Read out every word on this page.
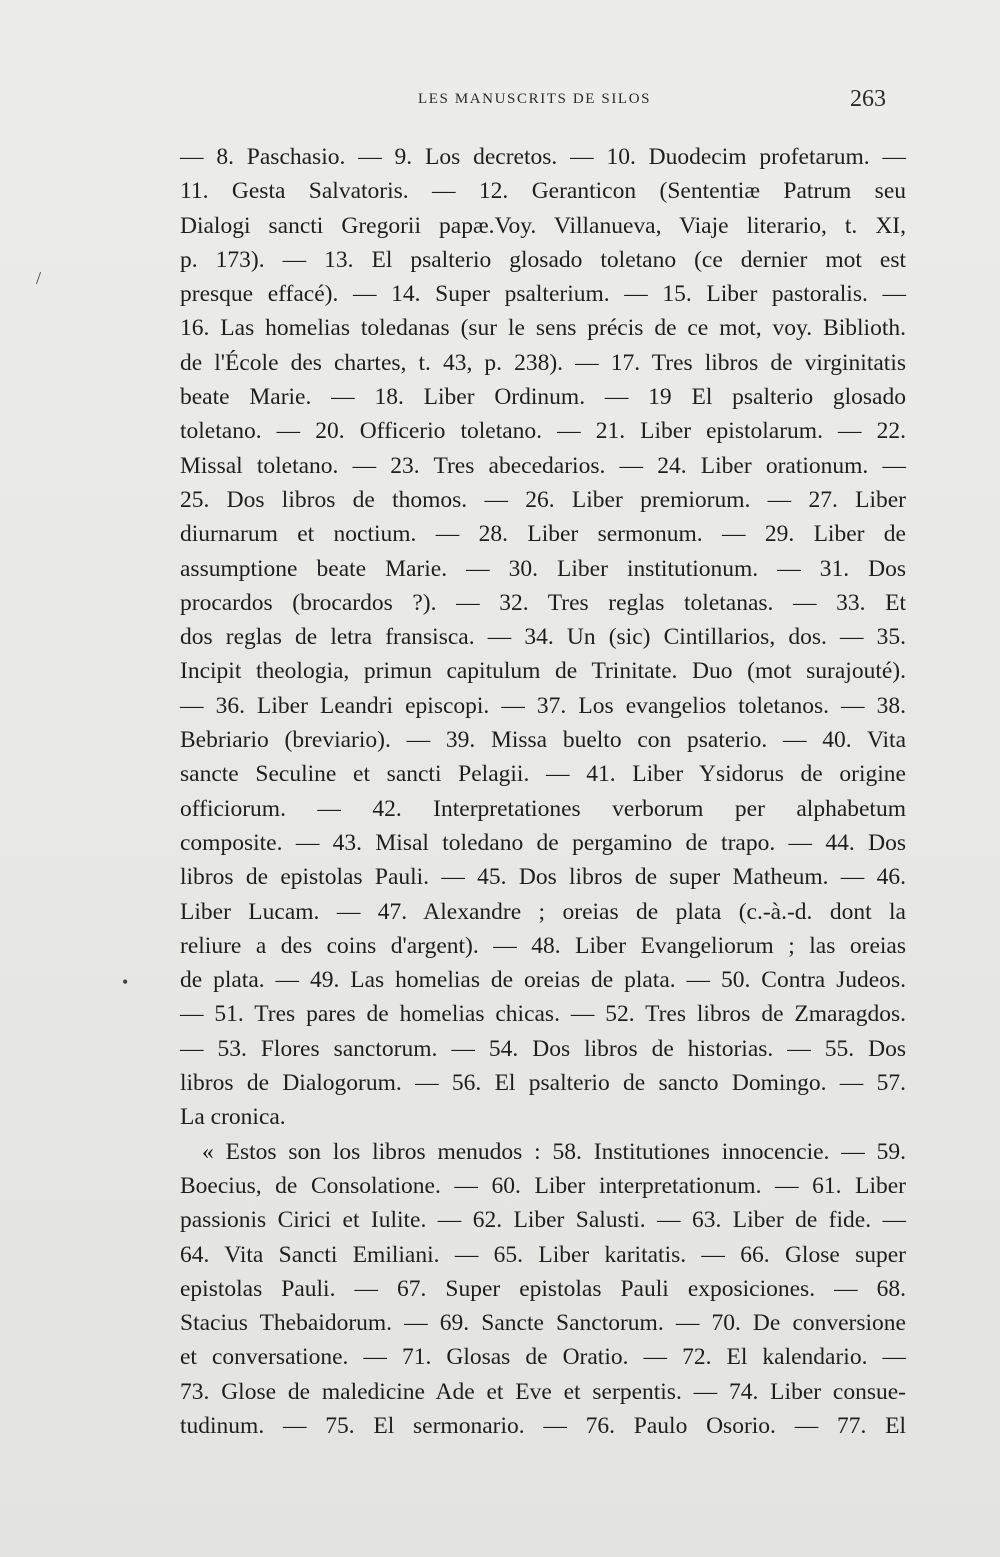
LES MANUSCRITS DE SILOS	263
/
•
— 8. Paschasio. — 9. Los decretos. — 10. Duodecim profetarum. —
11. Gesta Salvatoris. — 12. Geranticon (Sententiæ Patrum seu
Dialogi sancti Gregorii papæ.Voy. Villanueva, Viaje literario, t. XI,
p. 173). — 13. El psalterio glosado toletano (ce dernier mot est
presque effacé). — 14. Super psalterium. — 15. Liber pastoralis. —
16. Las homelias toledanas (sur le sens précis de ce mot, voy. Biblioth.
de l'École des chartes, t. 43, p. 238). — 17. Tres libros de virginitatis
beate Marie. — 18. Liber Ordinum. — 19 El psalterio glosado
toletano. — 20. Officerio toletano. — 21. Liber epistolarum. — 22.
Missal toletano. — 23. Tres abecedarios. — 24. Liber orationum. —
25. Dos libros de thomos. — 26. Liber premiorum. — 27. Liber
diurnarum et noctium. — 28. Liber sermonum. — 29. Liber de
assumptione beate Marie. — 30. Liber institutionum. — 31. Dos
procardos (brocardos ?). — 32. Tres reglas toletanas. — 33. Et
dos reglas de letra fransisca. — 34. Un (sic) Cintillarios, dos. — 35.
Incipit theologia, primun capitulum de Trinitate. Duo (mot surajouté).
— 36. Liber Leandri episcopi. — 37. Los evangelios toletanos. — 38.
Bebriario (breviario). — 39. Missa buelto con psaterio. — 40. Vita
sancte Seculine et sancti Pelagii. — 41. Liber Ysidorus de origine
officiorum. — 42. Interpretationes verborum per alphabetum
composite. — 43. Misal toledano de pergamino de trapo. — 44. Dos
libros de epistolas Pauli. — 45. Dos libros de super Matheum. — 46.
Liber Lucam. — 47. Alexandre ; oreias de plata (c.-à.-d. dont la
reliure a des coins d'argent). — 48. Liber Evangeliorum ; las oreias
de plata. — 49. Las homelias de oreias de plata. — 50. Contra Judeos.
— 51. Tres pares de homelias chicas. — 52. Tres libros de Zmaragdos.
— 53. Flores sanctorum. — 54. Dos libros de historias. — 55. Dos
libros de Dialogorum. — 56. El psalterio de sancto Domingo. — 57.
La cronica.
« Estos son los libros menudos : 58. Institutiones innocencie. — 59.
Boecius, de Consolatione. — 60. Liber interpretationum. — 61. Liber
passionis Cirici et Iulite. — 62. Liber Salusti. — 63. Liber de fide. —
64. Vita Sancti Emiliani. — 65. Liber karitatis. — 66. Glose super
epistolas Pauli. — 67. Super epistolas Pauli exposiciones. — 68.
Stacius Thebaidorum. — 69. Sancte Sanctorum. — 70. De conversione
et conversatione. — 71. Glosas de Oratio. — 72. El kalendario. —
73. Glose de maledicine Ade et Eve et serpentis. — 74. Liber consue-
tudinum. — 75. El sermonario. — 76. Paulo Osorio. — 77. El
